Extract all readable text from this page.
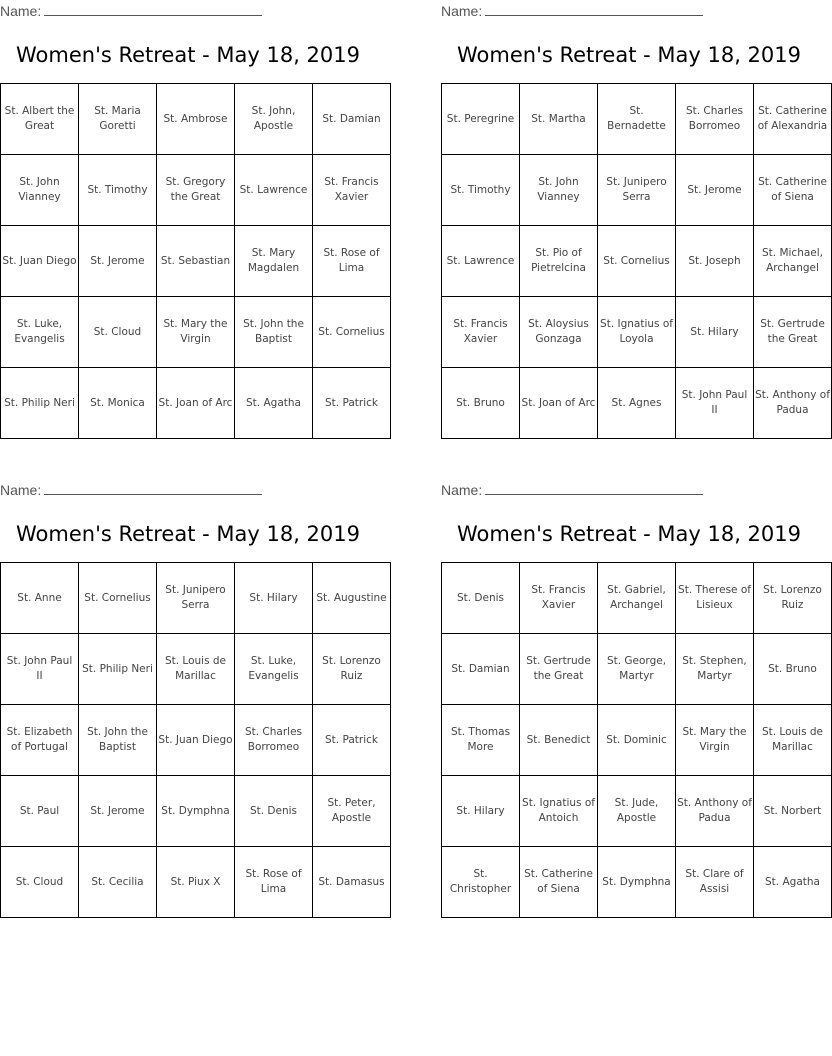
Name:
Women's Retreat - May 18, 2019
St. Albert the Great	St. Maria Goretti	St. Ambrose	St. John, Apostle	St. Damian
St. John Vianney	St. Timothy	St. Gregory the Great	St. Lawrence	St. Francis Xavier
St. Juan Diego	St. Jerome	St. Sebastian	St. Mary Magdalen	St. Rose of Lima
St. Luke, Evangelis	St. Cloud	St. Mary the Virgin	St. John the Baptist	St. Cornelius
St. Philip Neri	St. Monica	St. Joan of Arc	St. Agatha	St. Patrick
Name:
Women's Retreat - May 18, 2019
St. Peregrine	St. Martha	St. Bernadette	St. Charles Borromeo	St. Catherine of Alexandria
St. Timothy	St. John Vianney	St. Junipero Serra	St. Jerome	St. Catherine of Siena
St. Lawrence	St. Pio of Pietrelcina	St. Cornelius	St. Joseph	St. Michael, Archangel
St. Francis Xavier	St. Aloysius Gonzaga	St. Ignatius of Loyola	St. Hilary	St. Gertrude the Great
St. Bruno	St. Joan of Arc	St. Agnes	St. John Paul II	St. Anthony of Padua
Name:
Women's Retreat - May 18, 2019
St. Anne	St. Cornelius	St. Junipero Serra	St. Hilary	St. Augustine
St. John Paul II	St. Philip Neri	St. Louis de Marillac	St. Luke, Evangelis	St. Lorenzo Ruiz
St. Elizabeth of Portugal	St. John the Baptist	St. Juan Diego	St. Charles Borromeo	St. Patrick
St. Paul	St. Jerome	St. Dymphna	St. Denis	St. Peter, Apostle
St. Cloud	St. Cecilia	St. Piux X	St. Rose of Lima	St. Damasus
Name:
Women's Retreat - May 18, 2019
St. Denis	St. Francis Xavier	St. Gabriel, Archangel	St. Therese of Lisieux	St. Lorenzo Ruiz
St. Damian	St. Gertrude the Great	St. George, Martyr	St. Stephen, Martyr	St. Bruno
St. Thomas More	St. Benedict	St. Dominic	St. Mary the Virgin	St. Louis de Marillac
St. Hilary	St. Ignatius of Antoich	St. Jude, Apostle	St. Anthony of Padua	St. Norbert
St. Christopher	St. Catherine of Siena	St. Dymphna	St. Clare of Assisi	St. Agatha
